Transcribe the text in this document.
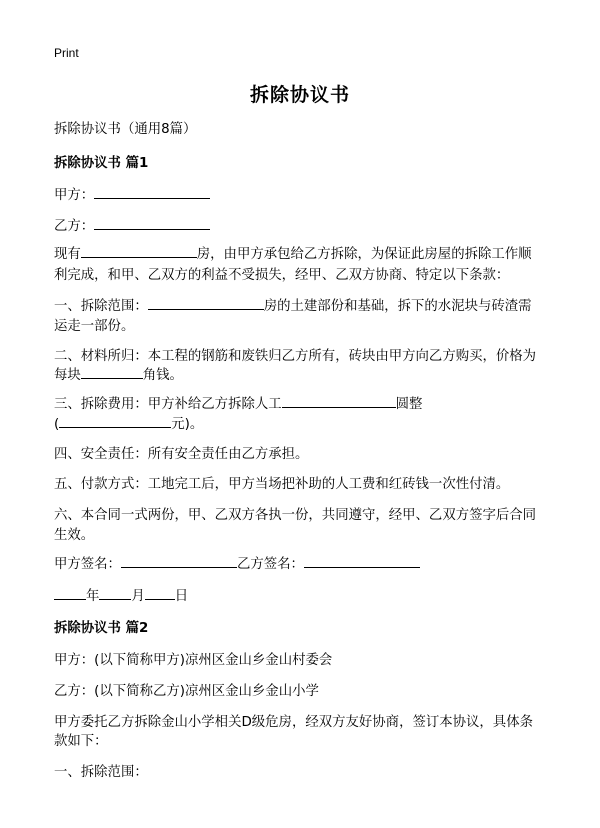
Print
拆除协议书
拆除协议书（通用8篇）
拆除协议书 篇1
甲方：
乙方：
现有	房，由甲方承包给乙方拆除，为保证此房屋的拆除工作顺
利完成，和甲、乙双方的利益不受损失，经甲、乙双方协商、特定以下条款：
一、拆除范围：	房的土建部份和基础，拆下的水泥块与砖渣需
运走一部份。
二、材料所归：本工程的钢筋和废铁归乙方所有，砖块由甲方向乙方购买，价格为
每块	角钱。
三、拆除费用：甲方补给乙方拆除人工	圆整
(	元)。
四、安全责任：所有安全责任由乙方承担。
五、付款方式：工地完工后，甲方当场把补助的人工费和红砖钱一次性付清。
六、本合同一式两份，甲、乙双方各执一份，共同遵守，经甲、乙双方签字后合同
生效。
甲方签名：	乙方签名：
年 月 日
拆除协议书 篇2
甲方：(以下简称甲方)凉州区金山乡金山村委会
乙方：(以下简称乙方)凉州区金山乡金山小学
甲方委托乙方拆除金山小学相关D级危房，经双方友好协商，签订本协议，具体条
款如下：
一、拆除范围：
